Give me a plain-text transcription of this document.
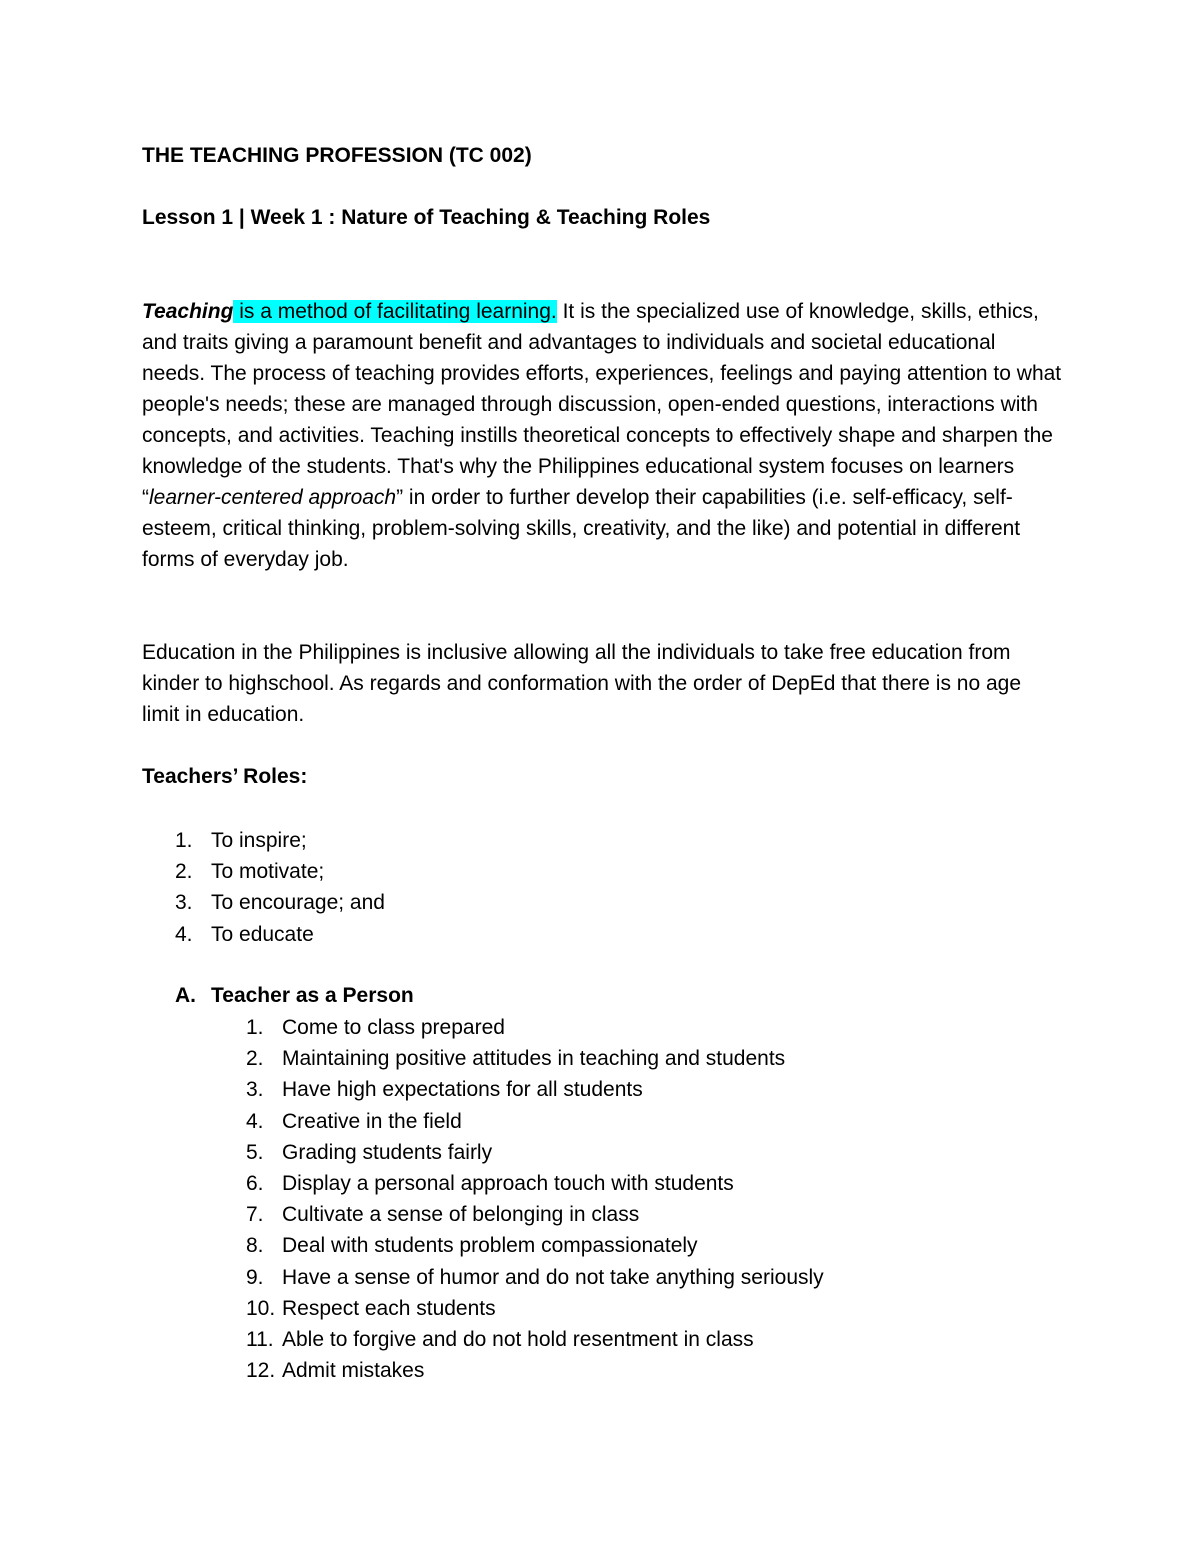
THE TEACHING PROFESSION (TC 002)
Lesson 1 | Week 1 : Nature of Teaching & Teaching Roles

Teaching is a method of facilitating learning. It is the specialized use of knowledge, skills, ethics, and traits giving a paramount benefit and advantages to individuals and societal educational needs. The process of teaching provides efforts, experiences, feelings and paying attention to what people's needs; these are managed through discussion, open-ended questions, interactions with concepts, and activities. Teaching instills theoretical concepts to effectively shape and sharpen the knowledge of the students. That's why the Philippines educational system focuses on learners “learner-centered approach” in order to further develop their capabilities (i.e. self-efficacy, self-esteem, critical thinking, problem-solving skills, creativity, and the like) and potential in different forms of everyday job.

Education in the Philippines is inclusive allowing all the individuals to take free education from kinder to highschool. As regards and conformation with the order of DepEd that there is no age limit in education.

Teachers’ Roles:
1. To inspire;
2. To motivate;
3. To encourage; and
4. To educate
A. Teacher as a Person
1. Come to class prepared
2. Maintaining positive attitudes in teaching and students
3. Have high expectations for all students
4. Creative in the field
5. Grading students fairly
6. Display a personal approach touch with students
7. Cultivate a sense of belonging in class
8. Deal with students problem compassionately
9. Have a sense of humor and do not take anything seriously
10. Respect each students
11. Able to forgive and do not hold resentment in class
12. Admit mistakes
